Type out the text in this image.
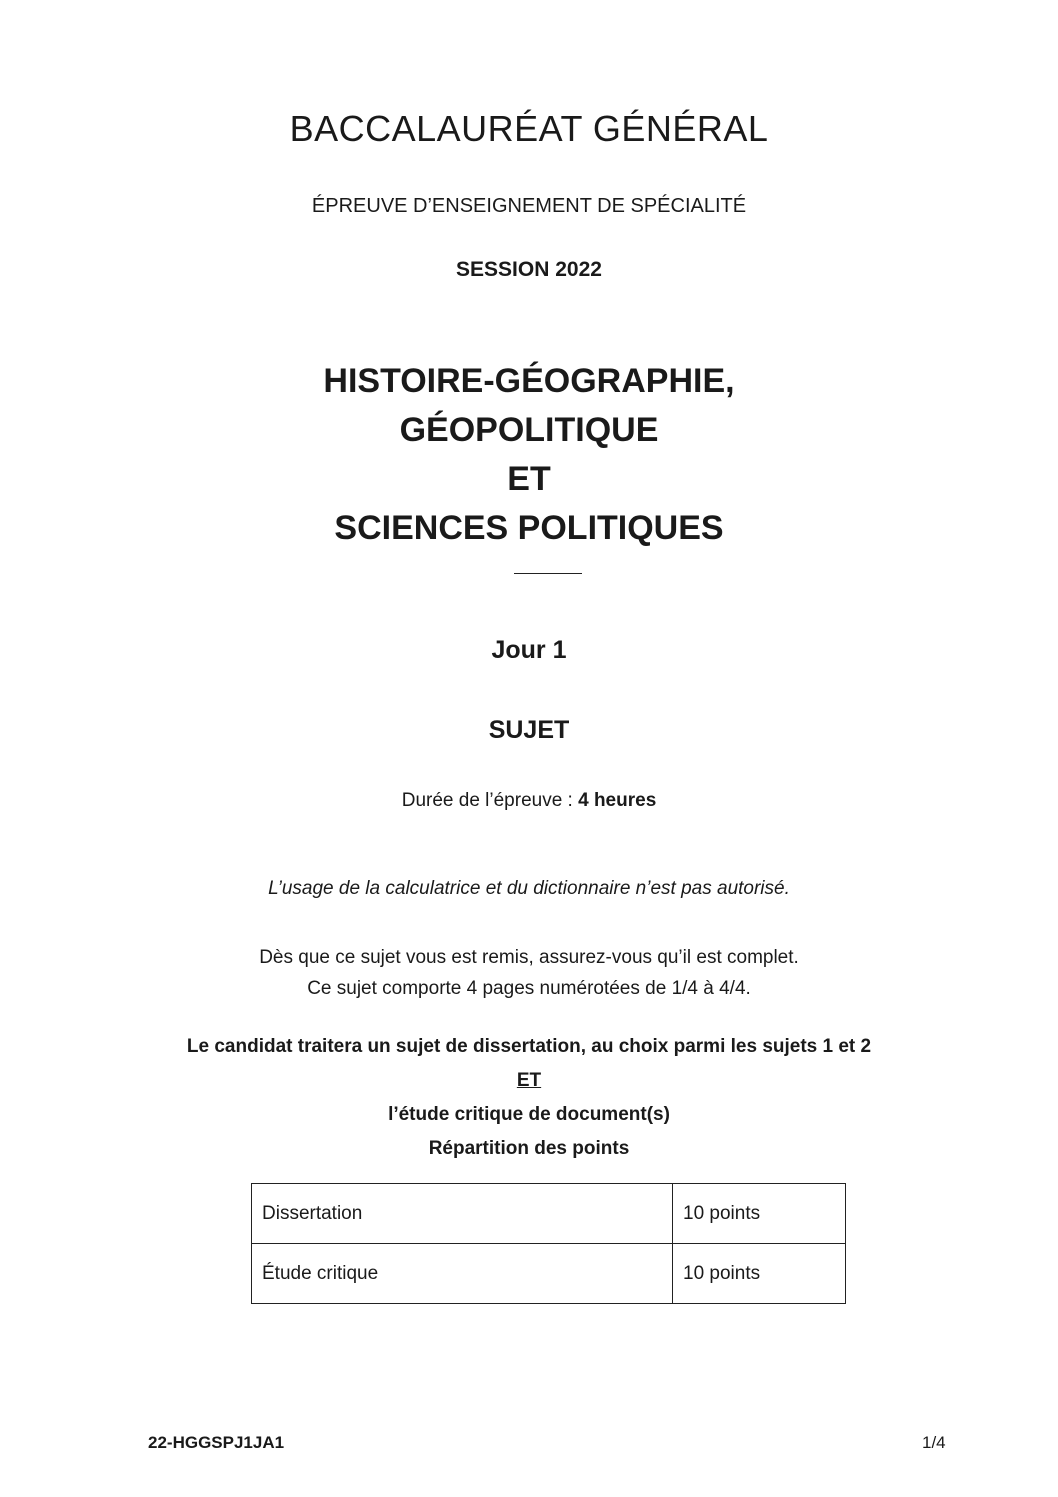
BACCALAURÉAT GÉNÉRAL
ÉPREUVE D’ENSEIGNEMENT DE SPÉCIALITÉ
SESSION 2022
HISTOIRE-GÉOGRAPHIE,
GÉOPOLITIQUE
ET
SCIENCES POLITIQUES
Jour 1
SUJET
Durée de l’épreuve : 4 heures
L’usage de la calculatrice et du dictionnaire n’est pas autorisé.
Dès que ce sujet vous est remis, assurez-vous qu’il est complet.
Ce sujet comporte 4 pages numérotées de 1/4 à 4/4.
Le candidat traitera un sujet de dissertation, au choix parmi les sujets 1 et 2
ET
l’étude critique de document(s)
Répartition des points
Dissertation	10 points
Étude critique	10 points
22-HGGSPJ1JA1	1/4
